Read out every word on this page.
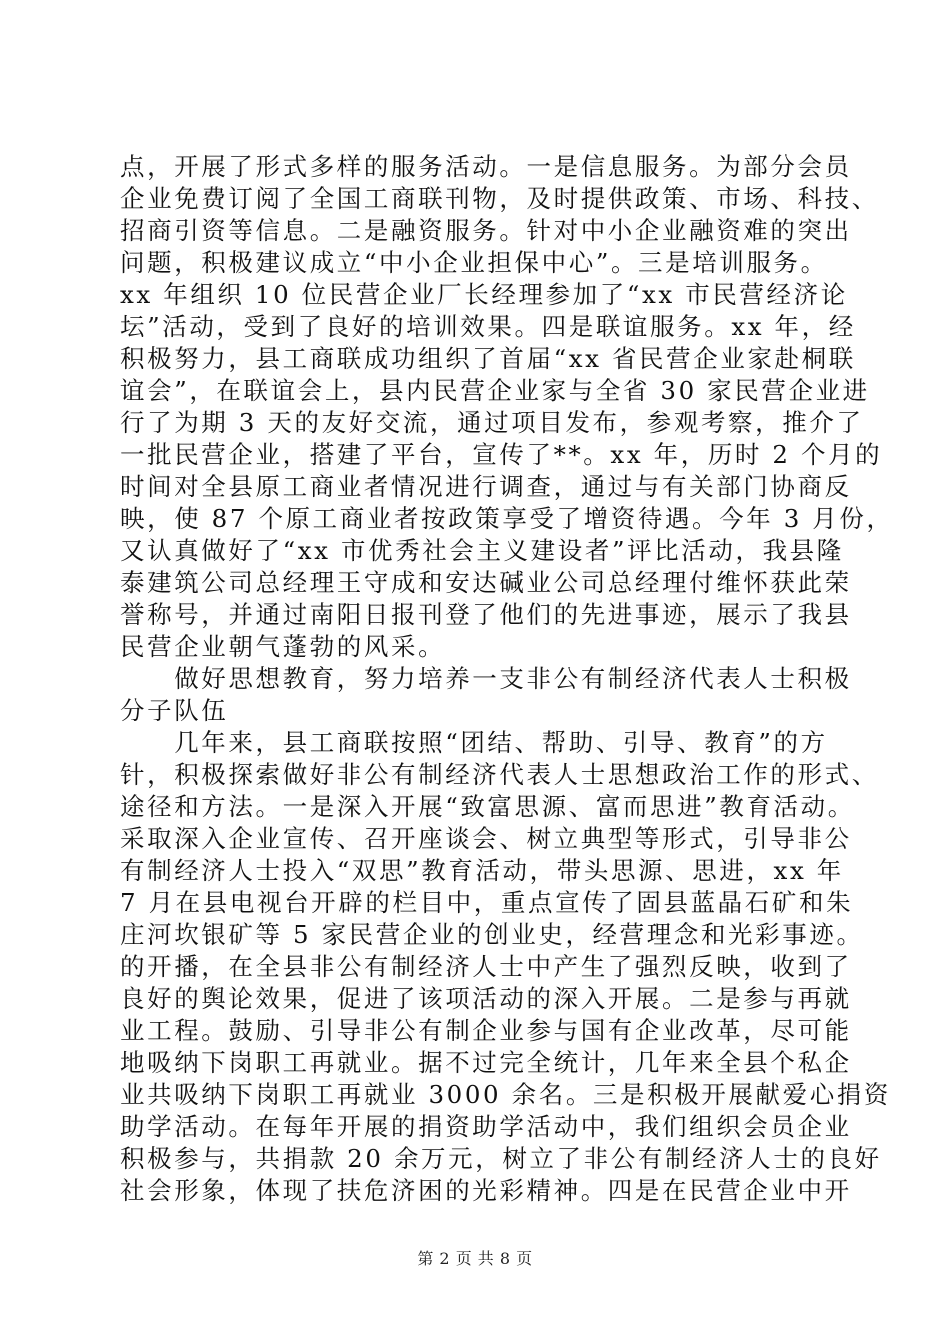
点，开展了形式多样的服务活动。一是信息服务。为部分会员
企业免费订阅了全国工商联刊物，及时提供政策、市场、科技、
招商引资等信息。二是融资服务。针对中小企业融资难的突出
问题，积极建议成立“中小企业担保中心”。三是培训服务。
xx 年组织 10 位民营企业厂长经理参加了“xx 市民营经济论
坛”活动，受到了良好的培训效果。四是联谊服务。xx 年，经
积极努力，县工商联成功组织了首届“xx 省民营企业家赴桐联
谊会”，在联谊会上，县内民营企业家与全省 30 家民营企业进
行了为期 3 天的友好交流，通过项目发布，参观考察，推介了
一批民营企业，搭建了平台，宣传了**。xx 年，历时 2 个月的
时间对全县原工商业者情况进行调查，通过与有关部门协商反
映，使 87 个原工商业者按政策享受了增资待遇。今年 3 月份，
又认真做好了“xx 市优秀社会主义建设者”评比活动，我县隆
泰建筑公司总经理王守成和安达碱业公司总经理付维怀获此荣
誉称号，并通过南阳日报刊登了他们的先进事迹，展示了我县
民营企业朝气蓬勃的风采。
　　做好思想教育，努力培养一支非公有制经济代表人士积极
分子队伍
　　几年来，县工商联按照“团结、帮助、引导、教育”的方
针，积极探索做好非公有制经济代表人士思想政治工作的形式、
途径和方法。一是深入开展“致富思源、富而思进”教育活动。
采取深入企业宣传、召开座谈会、树立典型等形式，引导非公
有制经济人士投入“双思”教育活动，带头思源、思进，xx 年
7 月在县电视台开辟的栏目中，重点宣传了固县蓝晶石矿和朱
庄河坎银矿等 5 家民营企业的创业史，经营理念和光彩事迹。
的开播，在全县非公有制经济人士中产生了强烈反映，收到了
良好的舆论效果，促进了该项活动的深入开展。二是参与再就
业工程。鼓励、引导非公有制企业参与国有企业改革，尽可能
地吸纳下岗职工再就业。据不过完全统计，几年来全县个私企
业共吸纳下岗职工再就业 3000 余名。三是积极开展献爱心捐资
助学活动。在每年开展的捐资助学活动中，我们组织会员企业
积极参与，共捐款 20 余万元，树立了非公有制经济人士的良好
社会形象，体现了扶危济困的光彩精神。四是在民营企业中开
第 2 页 共 8 页
